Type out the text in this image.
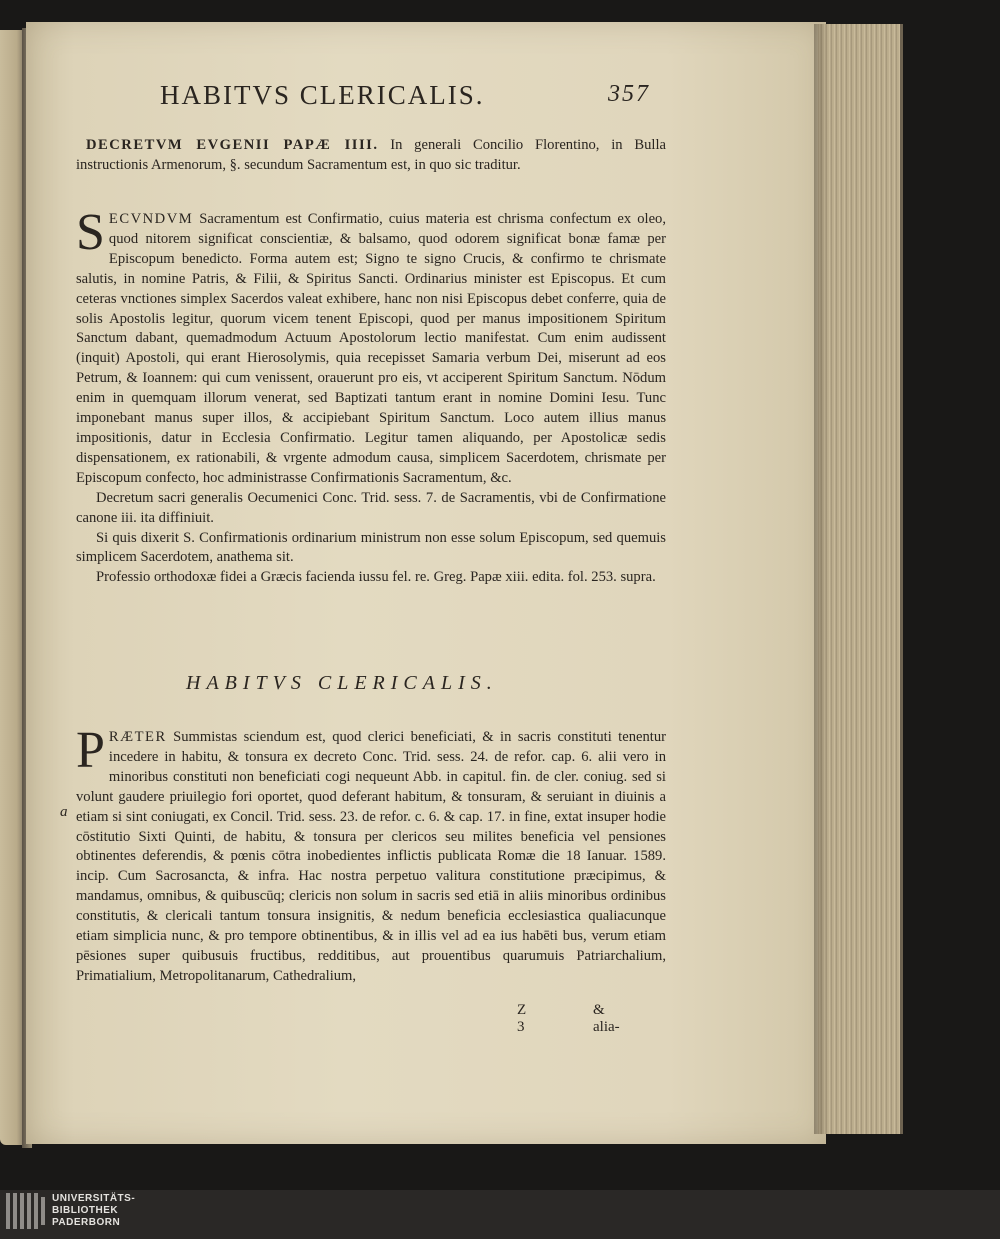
HABITVS CLERICALIS.	357

DECRETVM EVGENII PAPÆ IIII. In generali Concilio Florentino, in Bulla instructionis Armenorum, §. secundum Sacramentum est, in quo sic traditur.

SECVNDVM Sacramentum est Confirmatio, cuius materia est chrisma confectum ex oleo, quod nitorem significat conscientiæ, & balsamo, quod odorem significat bonæ famæ per Episcopum benedicto. Forma autem est; Signo te signo Crucis, & confirmo te chrismate salutis, in nomine Patris, & Filii, & Spiritus Sancti. Ordinarius minister est Episcopus. Et cum ceteras vnctiones simplex Sacerdos valeat exhibere, hanc non nisi Episcopus debet conferre, quia de solis Apostolis legitur, quorum vicem tenent Episcopi, quod per manus impositionem Spiritum Sanctum dabant, quemadmodum Actuum Apostolorum lectio manifestat. Cum enim audissent (inquit) Apostoli, qui erant Hierosolymis, quia recepisset Samaria verbum Dei, miserunt ad eos Petrum, & Ioannem: qui cum venissent, orauerunt pro eis, vt acciperent Spiritum Sanctum. Nōdum enim in quemquam illorum venerat, sed Baptizati tantum erant in nomine Domini Iesu. Tunc imponebant manus super illos, & accipiebant Spiritum Sanctum. Loco autem illius manus impositionis, datur in Ecclesia Confirmatio. Legitur tamen aliquando, per Apostolicæ sedis dispensationem, ex rationabili, & vrgente admodum causa, simplicem Sacerdotem, chrismate per Episcopum confecto, hoc administrasse Confirmationis Sacramentum, &c.

Decretum sacri generalis Oecumenici Conc. Trid. sess. 7. de Sacramentis, vbi de Confirmatione canone iii. ita diffiniuit.

Si quis dixerit S. Confirmationis ordinarium ministrum non esse solum Episcopum, sed quemuis simplicem Sacerdotem, anathema sit.

Professio orthodoxæ fidei a Græcis facienda iussu fel. re. Greg. Papæ xiii. edita. fol. 253. supra.

HABITVS CLERICALIS.

PRÆTER Summistas sciendum est, quod clerici beneficiati, & in sacris constituti tenentur incedere in habitu, & tonsura ex decreto Conc. Trid. sess. 24. de refor. cap. 6. alii vero in minoribus constituti non beneficiati cogi nequeunt Abb. in capitul. fin. de cler. coniug. sed si volunt gaudere priuilegio fori oportet, quod deferant habitum, & tonsuram, & seruiant in diuinis a etiam si sint coniugati, ex Concil. Trid. sess. 23. de refor. c. 6. & cap. 17. in fine, extat insuper hodie cōstitutio Sixti Quinti, de habitu, & tonsura per clericos seu milites beneficia vel pensiones obtinentes deferendis, & pœnis cōtra inobedientes inflictis publicata Romæ die 18 Ianuar. 1589. incip. Cum Sacrosancta, & infra. Hac nostra perpetuo valitura constitutione præcipimus, & mandamus, omnibus, & quibuscūq; clericis non solum in sacris sed etiā in aliis minoribus ordinibus constitutis, & clericali tantum tonsura insignitis, & nedum beneficia ecclesiastica qualiacunque etiam simplicia nunc, & pro tempore obtinentibus, & in illis vel ad ea ius habēti bus, verum etiam pēsiones super quibusuis fructibus, redditibus, aut prouentibus quarumuis Patriarchalium, Primatialium, Metropolitanarum, Cathedralium,

a
Z 3
& alia-
UNIVERSITÄTS-
BIBLIOTHEK
PADERBORN
